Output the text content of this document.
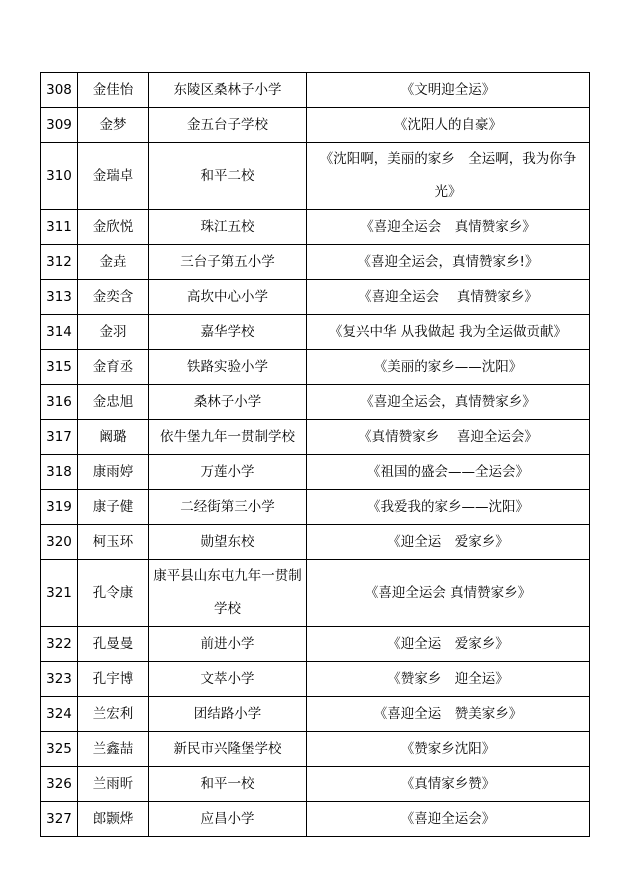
308	金佳怡	东陵区桑林子小学	《文明迎全运》
309	金梦	金五台子学校	《沈阳人的自豪》
310	金瑞卓	和平二校	《沈阳啊，美丽的家乡　全运啊，我为你争光》
311	金欣悦	珠江五校	《喜迎全运会　真情赞家乡》
312	金垚	三台子第五小学	《喜迎全运会，真情赞家乡!》
313	金奕含	高坎中心小学	《喜迎全运会　 真情赞家乡》
314	金羽	嘉华学校	《复兴中华 从我做起 我为全运做贡献》
315	金育丞	铁路实验小学	《美丽的家乡——沈阳》
316	金忠旭	桑林子小学	《喜迎全运会，真情赞家乡》
317	阚璐	依牛堡九年一贯制学校	《真情赞家乡　 喜迎全运会》
318	康雨婷	万莲小学	《祖国的盛会——全运会》
319	康子健	二经街第三小学	《我爱我的家乡——沈阳》
320	柯玉环	勋望东校	《迎全运　爱家乡》
321	孔令康	康平县山东屯九年一贯制学校	《喜迎全运会 真情赞家乡》
322	孔曼曼	前进小学	《迎全运　爱家乡》
323	孔宇博	文萃小学	《赞家乡　迎全运》
324	兰宏利	团结路小学	《喜迎全运　赞美家乡》
325	兰鑫喆	新民市兴隆堡学校	《赞家乡沈阳》
326	兰雨昕	和平一校	《真情家乡赞》
327	郎颢烨	应昌小学	《喜迎全运会》
